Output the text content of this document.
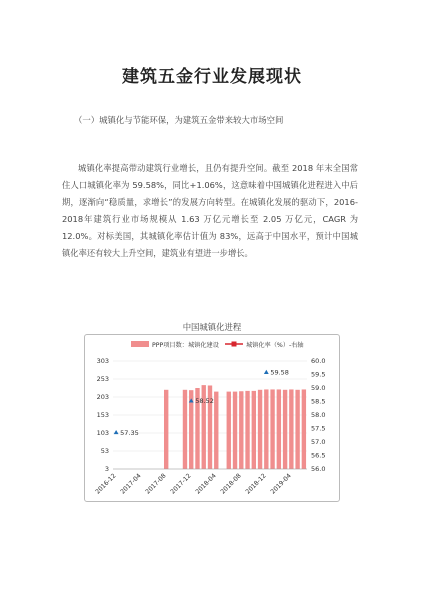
建筑五金行业发展现状
（一）城镇化与节能环保，为建筑五金带来较大市场空间
城镇化率提高带动建筑行业增长，且仍有提升空间。截至 2018 年末全国常住人口城镇化率为 59.58%，同比+1.06%，这意味着中国城镇化进程进入中后期，逐渐向“稳质量，求增长”的发展方向转型。在城镇化发展的驱动下，2016-2018年建筑行业市场规模从 1.63 万亿元增长至 2.05 万亿元，CAGR 为 12.0%。对标美国，其城镇化率估计值为 83%，远高于中国水平，预计中国城镇化率还有较大上升空间，建筑业有望进一步增长。
中国城镇化进程
PPP项目数：城镇化建设	城镇化率（%）-右轴
3
53
103
153
203
253
303
56.0
56.5
57.0
57.5
58.0
58.5
59.0
59.5
60.0
57.35
58.52
59.58
2016-12 2017-04 2017-08 2017-12 2018-04 2018-08 2018-12 2019-04
